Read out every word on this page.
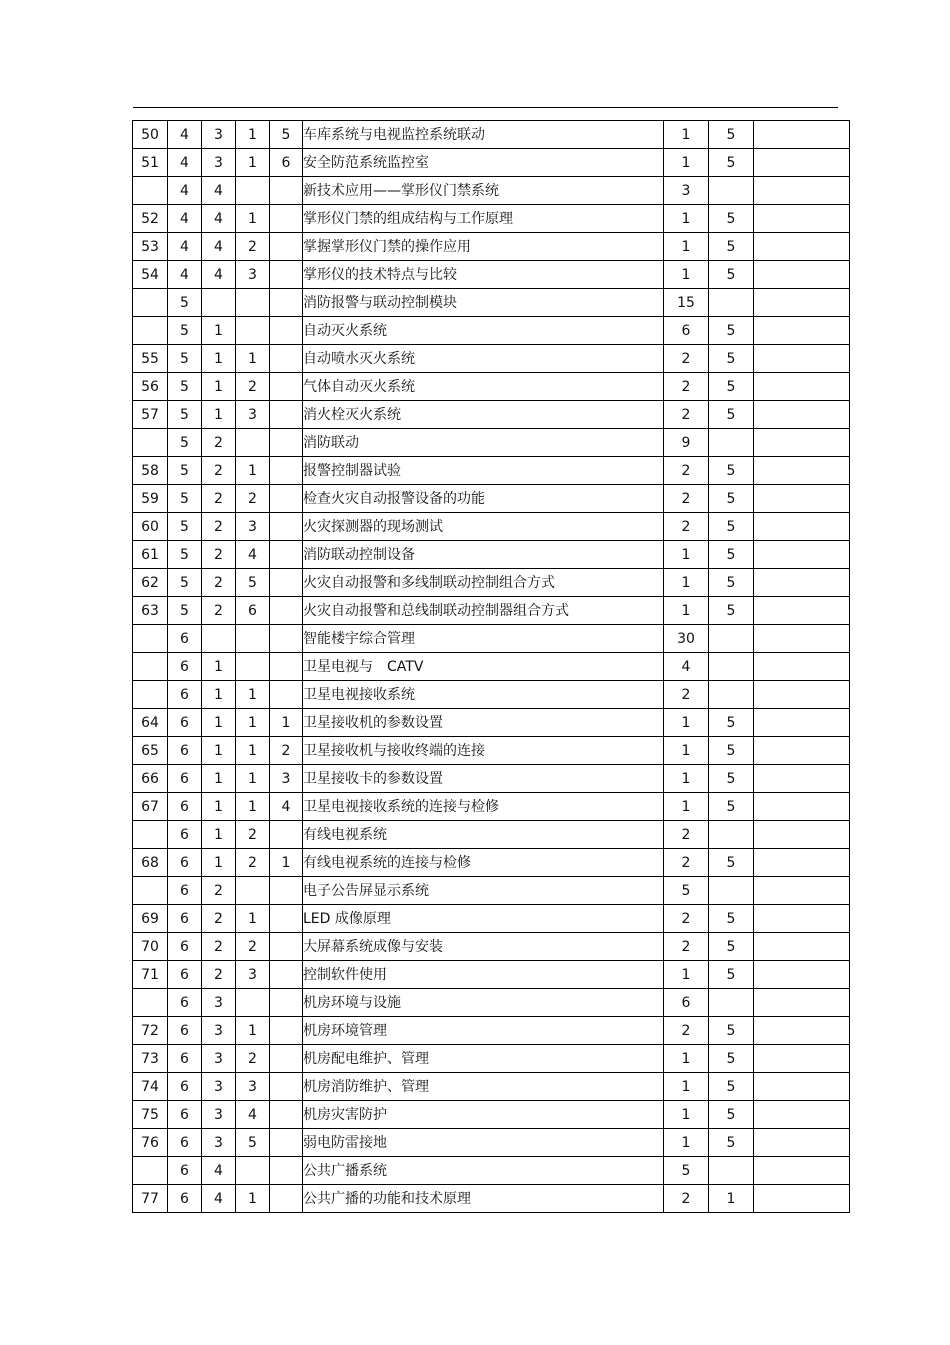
50	4	3	1	5	车库系统与电视监控系统联动	1	5	
51	4	3	1	6	安全防范系统监控室	1	5	
	4	4			新技术应用——掌形仪门禁系统	3		
52	4	4	1		掌形仪门禁的组成结构与工作原理	1	5	
53	4	4	2		掌握掌形仪门禁的操作应用	1	5	
54	4	4	3		掌形仪的技术特点与比较	1	5	
	5				消防报警与联动控制模块	15		
	5	1			自动灭火系统	6	5	
55	5	1	1		自动喷水灭火系统	2	5	
56	5	1	2		气体自动灭火系统	2	5	
57	5	1	3		消火栓灭火系统	2	5	
	5	2			消防联动	9		
58	5	2	1		报警控制器试验	2	5	
59	5	2	2		检查火灾自动报警设备的功能	2	5	
60	5	2	3		火灾探测器的现场测试	2	5	
61	5	2	4		消防联动控制设备	1	5	
62	5	2	5		火灾自动报警和多线制联动控制组合方式	1	5	
63	5	2	6		火灾自动报警和总线制联动控制器组合方式	1	5	
	6				智能楼宇综合管理	30		
	6	1			卫星电视与　CATV	4		
	6	1	1		卫星电视接收系统	2		
64	6	1	1	1	卫星接收机的参数设置	1	5	
65	6	1	1	2	卫星接收机与接收终端的连接	1	5	
66	6	1	1	3	卫星接收卡的参数设置	1	5	
67	6	1	1	4	卫星电视接收系统的连接与检修	1	5	
	6	1	2		有线电视系统	2		
68	6	1	2	1	有线电视系统的连接与检修	2	5	
	6	2			电子公告屏显示系统	5		
69	6	2	1		LED 成像原理	2	5	
70	6	2	2		大屏幕系统成像与安装	2	5	
71	6	2	3		控制软件使用	1	5	
	6	3			机房环境与设施	6		
72	6	3	1		机房环境管理	2	5	
73	6	3	2		机房配电维护、管理	1	5	
74	6	3	3		机房消防维护、管理	1	5	
75	6	3	4		机房灾害防护	1	5	
76	6	3	5		弱电防雷接地	1	5	
	6	4			公共广播系统	5		
77	6	4	1		公共广播的功能和技术原理	2	1	
